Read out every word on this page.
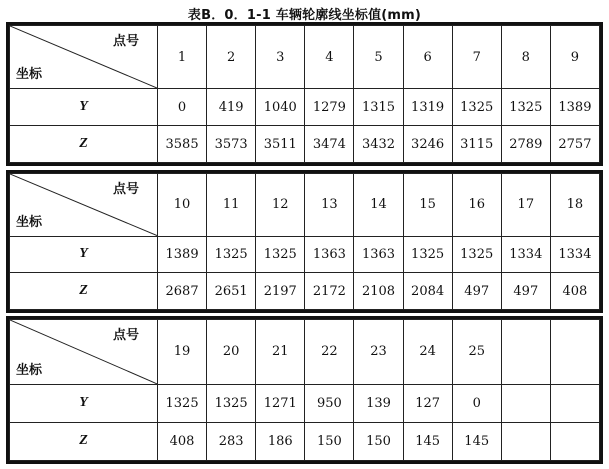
表B．0．1-1 车辆轮廓线坐标值(mm)
点号
坐标	1	2	3	4	5	6	7	8	9
Y	0	419	1040	1279	1315	1319	1325	1325	1389
Z	3585	3573	3511	3474	3432	3246	3115	2789	2757
点号
坐标	10	11	12	13	14	15	16	17	18
Y	1389	1325	1325	1363	1363	1325	1325	1334	1334
Z	2687	2651	2197	2172	2108	2084	497	497	408
点号
坐标	19	20	21	22	23	24	25		
Y	1325	1325	1271	950	139	127	0		
Z	408	283	186	150	150	145	145		
